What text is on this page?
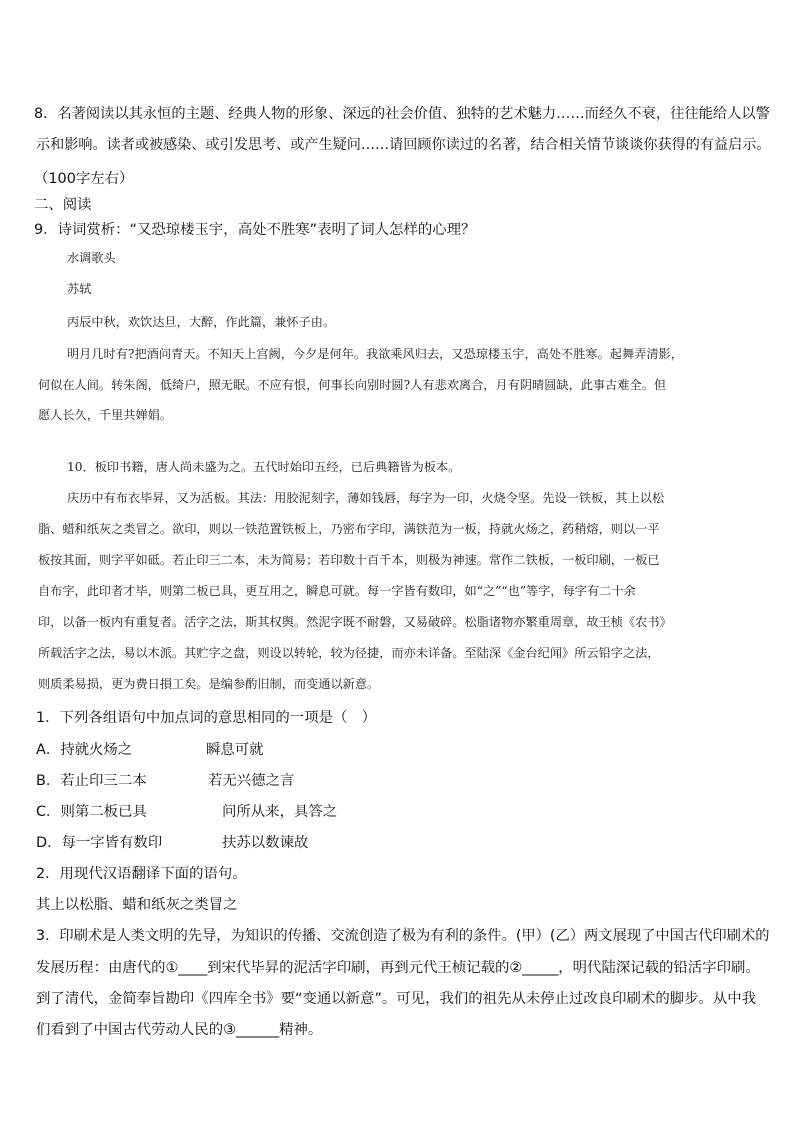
8．名著阅读以其永恒的主题、经典人物的形象、深远的社会价值、独特的艺术魅力……而经久不衰，往往能给人以警
示和影响。读者或被感染、或引发思考、或产生疑问……请回顾你读过的名著，结合相关情节谈谈你获得的有益启示。
（100字左右）
二、阅读
9．诗词赏析：“又恐琼楼玉宇，高处不胜寒”表明了词人怎样的心理？
水调歌头
苏轼
丙辰中秋，欢饮达旦，大醉，作此篇，兼怀子由。
明月几时有?把酒问青天。不知天上宫阙，今夕是何年。我欲乘风归去，又恐琼楼玉宇，高处不胜寒。起舞弄清影，
何似在人间。转朱阁，低绮户，照无眠。不应有恨，何事长向别时圆?人有悲欢离合，月有阴晴圆缺，此事古难全。但
愿人长久，千里共婵娟。
10．板印书籍，唐人尚未盛为之。五代时始印五经，已后典籍皆为板本。
庆历中有布衣毕昇，又为活板。其法：用胶泥刻字，薄如钱唇，每字为一印，火烧令坚。先设一铁板，其上以松
脂、蜡和纸灰之类冒之。欲印，则以一铁范置铁板上，乃密布字印，满铁范为一板，持就火炀之，药稍熔，则以一平
板按其面，则字平如砥。若止印三二本，未为简易；若印数十百千本，则极为神速。常作二铁板，一板印刷，一板已
自布字，此印者才毕，则第二板已具，更互用之，瞬息可就。每一字皆有数印，如“之”“也”等字，每字有二十余
印，以备一板内有重复者。活字之法，斯其权舆。然泥字既不耐磐，又易破碎。松脂诸物亦繁重周章，故王桢《农书》
所载活字之法，易以木派。其贮字之盘，则设以转轮，较为径捷，而亦未详备。至陆深《金台纪闻》所云铅字之法，
则质柔易损，更为费日損工矣。是编参酌旧制，而变通以新意。
1．下列各组语句中加点词的意思相同的一项是（　）
A．持就火炀之	瞬息可就
B．若止印三二本	若无兴德之言
C．则第二板已具	问所从来，具答之
D．每一字皆有数印	扶苏以数谏故
2．用现代汉语翻译下面的语句。
其上以松脂、蜡和纸灰之类冒之
3．印刷术是人类文明的先导，为知识的传播、交流创造了极为有利的条件。(甲）(乙）两文展现了中国古代印刷术的
发展历程：由唐代的①____到宋代毕昇的泥活字印刷，再到元代王桢记载的②_____，明代陆深记载的铅活字印刷。
到了清代，金简奉旨勘印《四库全书》要“变通以新意”。可见，我们的祖先从未停止过改良印刷术的脚步。从中我
们看到了中国古代劳动人民的③______精神。
